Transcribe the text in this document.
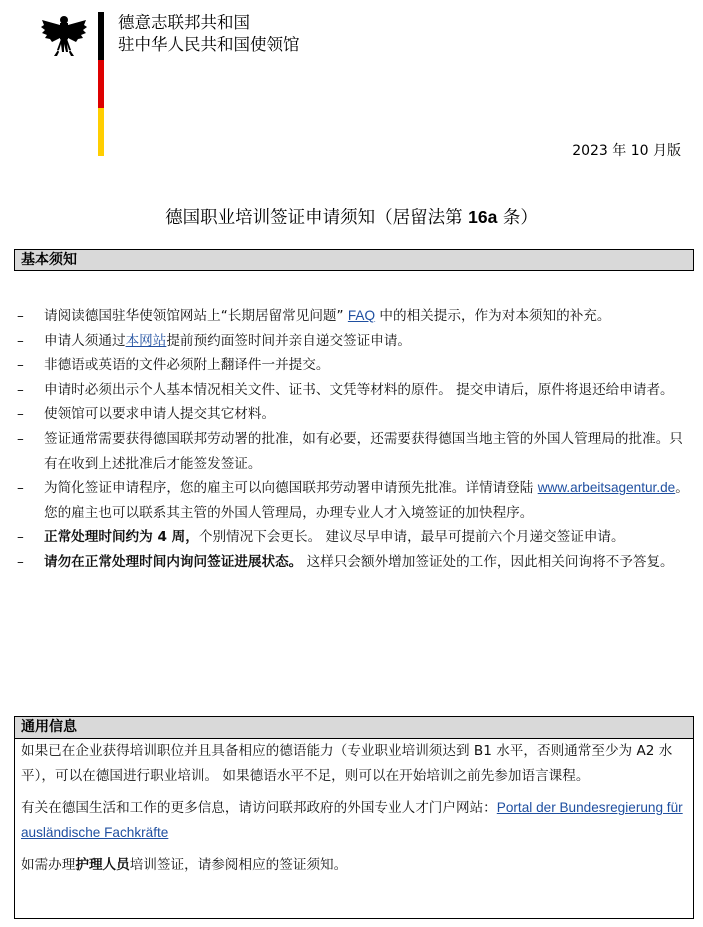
德意志联邦共和国
驻中华人民共和国使领馆
2023 年 10 月版
德国职业培训签证申请须知（居留法第 16a 条）
基本须知
– 请阅读德国驻华使领馆网站上“长期居留常见问题” FAQ 中的相关提示，作为对本须知的补充。
– 申请人须通过本网站提前预约面签时间并亲自递交签证申请。
– 非德语或英语的文件必须附上翻译件一并提交。
– 申请时必须出示个人基本情况相关文件、证书、文凭等材料的原件。 提交申请后，原件将退还给申请者。
– 使领馆可以要求申请人提交其它材料。
– 签证通常需要获得德国联邦劳动署的批准，如有必要，还需要获得德国当地主管的外国人管理局的批准。只有在收到上述批准后才能签发签证。
– 为简化签证申请程序，您的雇主可以向德国联邦劳动署申请预先批准。详情请登陆 www.arbeitsagentur.de。您的雇主也可以联系其主管的外国人管理局，办理专业人才入境签证的加快程序。
– 正常处理时间约为 4 周，个别情况下会更长。 建议尽早申请，最早可提前六个月递交签证申请。
– 请勿在正常处理时间内询问签证进展状态。 这样只会额外增加签证处的工作，因此相关问询将不予答复。
通用信息

如果已在企业获得培训职位并且具备相应的德语能力（专业职业培训须达到 B1 水平，否则通常至少为 A2 水平），可以在德国进行职业培训。 如果德语水平不足，则可以在开始培训之前先参加语言课程。

有关在德国生活和工作的更多信息，请访问联邦政府的外国专业人才门户网站：Portal der Bundesregierung für ausländische Fachkräfte

如需办理护理人员培训签证，请参阅相应的签证须知。
